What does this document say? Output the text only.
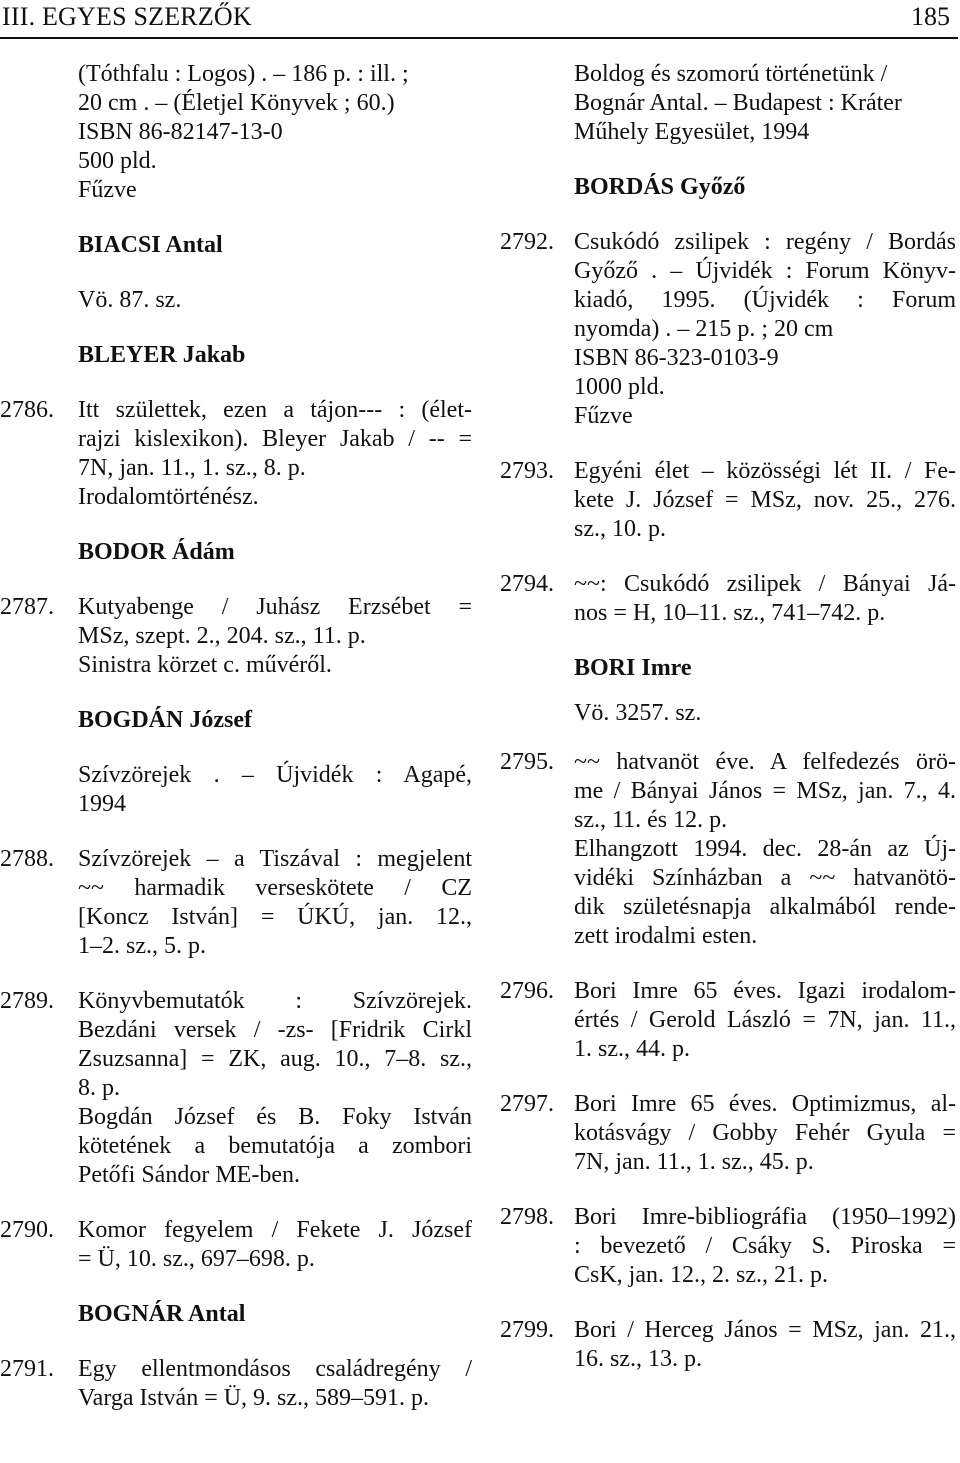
III. EGYES SZERZŐK	185
(Tóthfalu : Logos) . – 186 p. : ill. ;
20 cm . – (Életjel Könyvek ; 60.)
ISBN 86-82147-13-0
500 pld.
Fűzve
BIACSI Antal
Vö. 87. sz.
BLEYER Jakab
2786. Itt születtek, ezen a tájon--- : (élet-
rajzi kislexikon). Bleyer Jakab / -- =
7N, jan. 11., 1. sz., 8. p.
Irodalomtörténész.
BODOR Ádám
2787. Kutyabenge / Juhász Erzsébet =
MSz, szept. 2., 204. sz., 11. p.
Sinistra körzet c. művéről.
BOGDÁN József
Szívzörejek . – Újvidék : Agapé,
1994
2788. Szívzörejek – a Tiszával : megjelent
~~ harmadik verseskötete / CZ
[Koncz István] = ÚKÚ, jan. 12.,
1–2. sz., 5. p.
2789. Könyvbemutatók : Szívzörejek.
Bezdáni versek / -zs- [Fridrik Cirkl
Zsuzsanna] = ZK, aug. 10., 7–8. sz.,
8. p.
Bogdán József és B. Foky István
kötetének a bemutatója a zombori
Petőfi Sándor ME-ben.
2790. Komor fegyelem / Fekete J. József
= Ü, 10. sz., 697–698. p.
BOGNÁR Antal
2791. Egy ellentmondásos családregény /
Varga István = Ü, 9. sz., 589–591. p.
Boldog és szomorú történetünk /
Bognár Antal. – Budapest : Kráter
Műhely Egyesület, 1994
BORDÁS Győző
2792. Csukódó zsilipek : regény / Bordás
Győző . – Újvidék : Forum Könyv-
kiadó, 1995. (Újvidék : Forum
nyomda) . – 215 p. ; 20 cm
ISBN 86-323-0103-9
1000 pld.
Fűzve
2793. Egyéni élet – közösségi lét II. / Fe-
kete J. József = MSz, nov. 25., 276.
sz., 10. p.
2794. ~~: Csukódó zsilipek / Bányai Já-
nos = H, 10–11. sz., 741–742. p.
BORI Imre
Vö. 3257. sz.
2795. ~~ hatvanöt éve. A felfedezés örö-
me / Bányai János = MSz, jan. 7., 4.
sz., 11. és 12. p.
Elhangzott 1994. dec. 28-án az Új-
vidéki Színházban a ~~ hatvanötö-
dik születésnapja alkalmából rende-
zett irodalmi esten.
2796. Bori Imre 65 éves. Igazi irodalom-
értés / Gerold László = 7N, jan. 11.,
1. sz., 44. p.
2797. Bori Imre 65 éves. Optimizmus, al-
kotásvágy / Gobby Fehér Gyula =
7N, jan. 11., 1. sz., 45. p.
2798. Bori Imre-bibliográfia (1950–1992)
: bevezető / Csáky S. Piroska =
CsK, jan. 12., 2. sz., 21. p.
2799. Bori / Herceg János = MSz, jan. 21.,
16. sz., 13. p.
